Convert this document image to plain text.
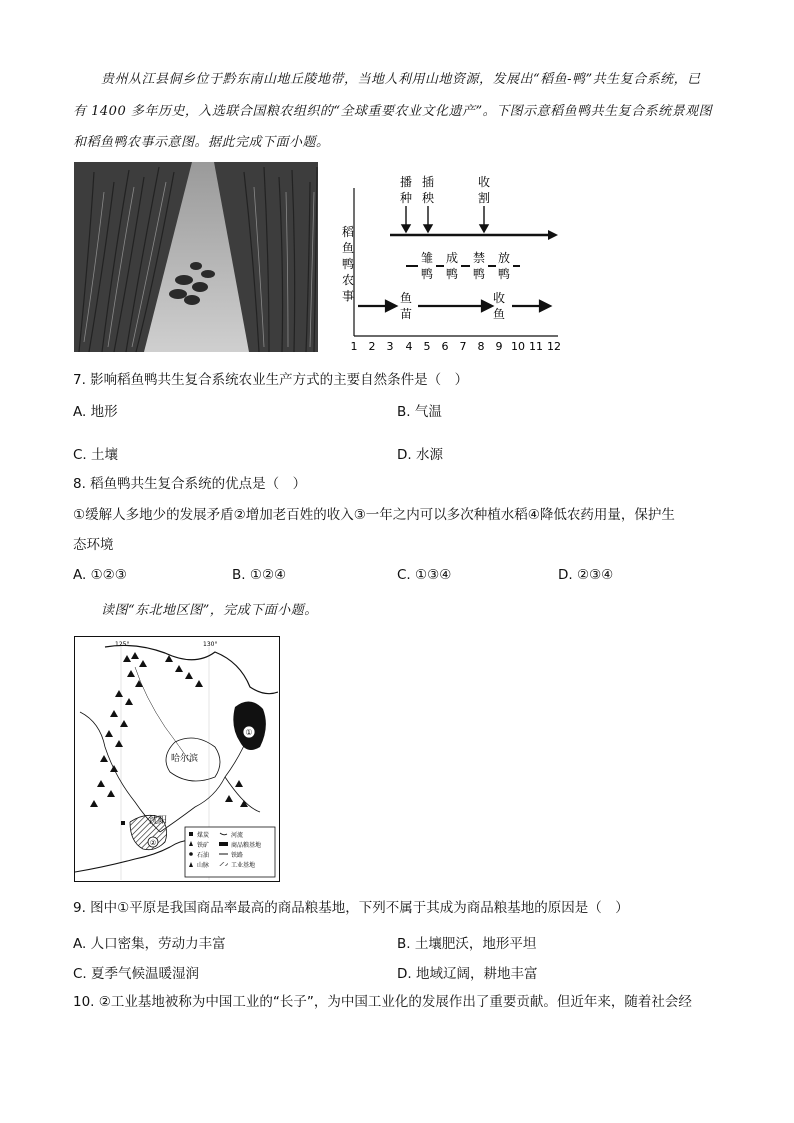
贵州从江县侗乡位于黔东南山地丘陵地带，当地人利用山地资源，发展出“稻鱼-鸭”共生复合系统，已
有 1400 多年历史，入选联合国粮农组织的“全球重要农业文化遗产”。下图示意稻鱼鸭共生复合系统景观图
和稻鱼鸭农事示意图。据此完成下面小题。
稻
鱼
鸭
农
事
1 2 3 4 5 6 7 8 9 10 11 12
播
种
插
秧
收
割
雏
鸭
成
鸭
禁
鸭
放
鸭
鱼
苗
收
鱼
7. 影响稻鱼鸭共生复合系统农业生产方式的主要自然条件是（　）
A. 地形	B. 气温
C. 土壤	D. 水源
8. 稻鱼鸭共生复合系统的优点是（　）
①缓解人多地少的发展矛盾②增加老百姓的收入③一年之内可以多次种植水稻④降低农药用量，保护生
态环境
A. ①②③	B. ①②④	C. ①③④	D. ②③④
读图“东北地区图”，完成下面小题。
125°	130°
①
哈尔滨
②
沈阳
煤炭
铁矿
石油
山脉
河流
商品粮基地
铁路
工业基地
9. 图中①平原是我国商品率最高的商品粮基地，下列不属于其成为商品粮基地的原因是（　）
A. 人口密集，劳动力丰富	B. 土壤肥沃，地形平坦
C. 夏季气候温暖湿润	D. 地域辽阔，耕地丰富
10. ②工业基地被称为中国工业的“长子”，为中国工业化的发展作出了重要贡献。但近年来，随着社会经
